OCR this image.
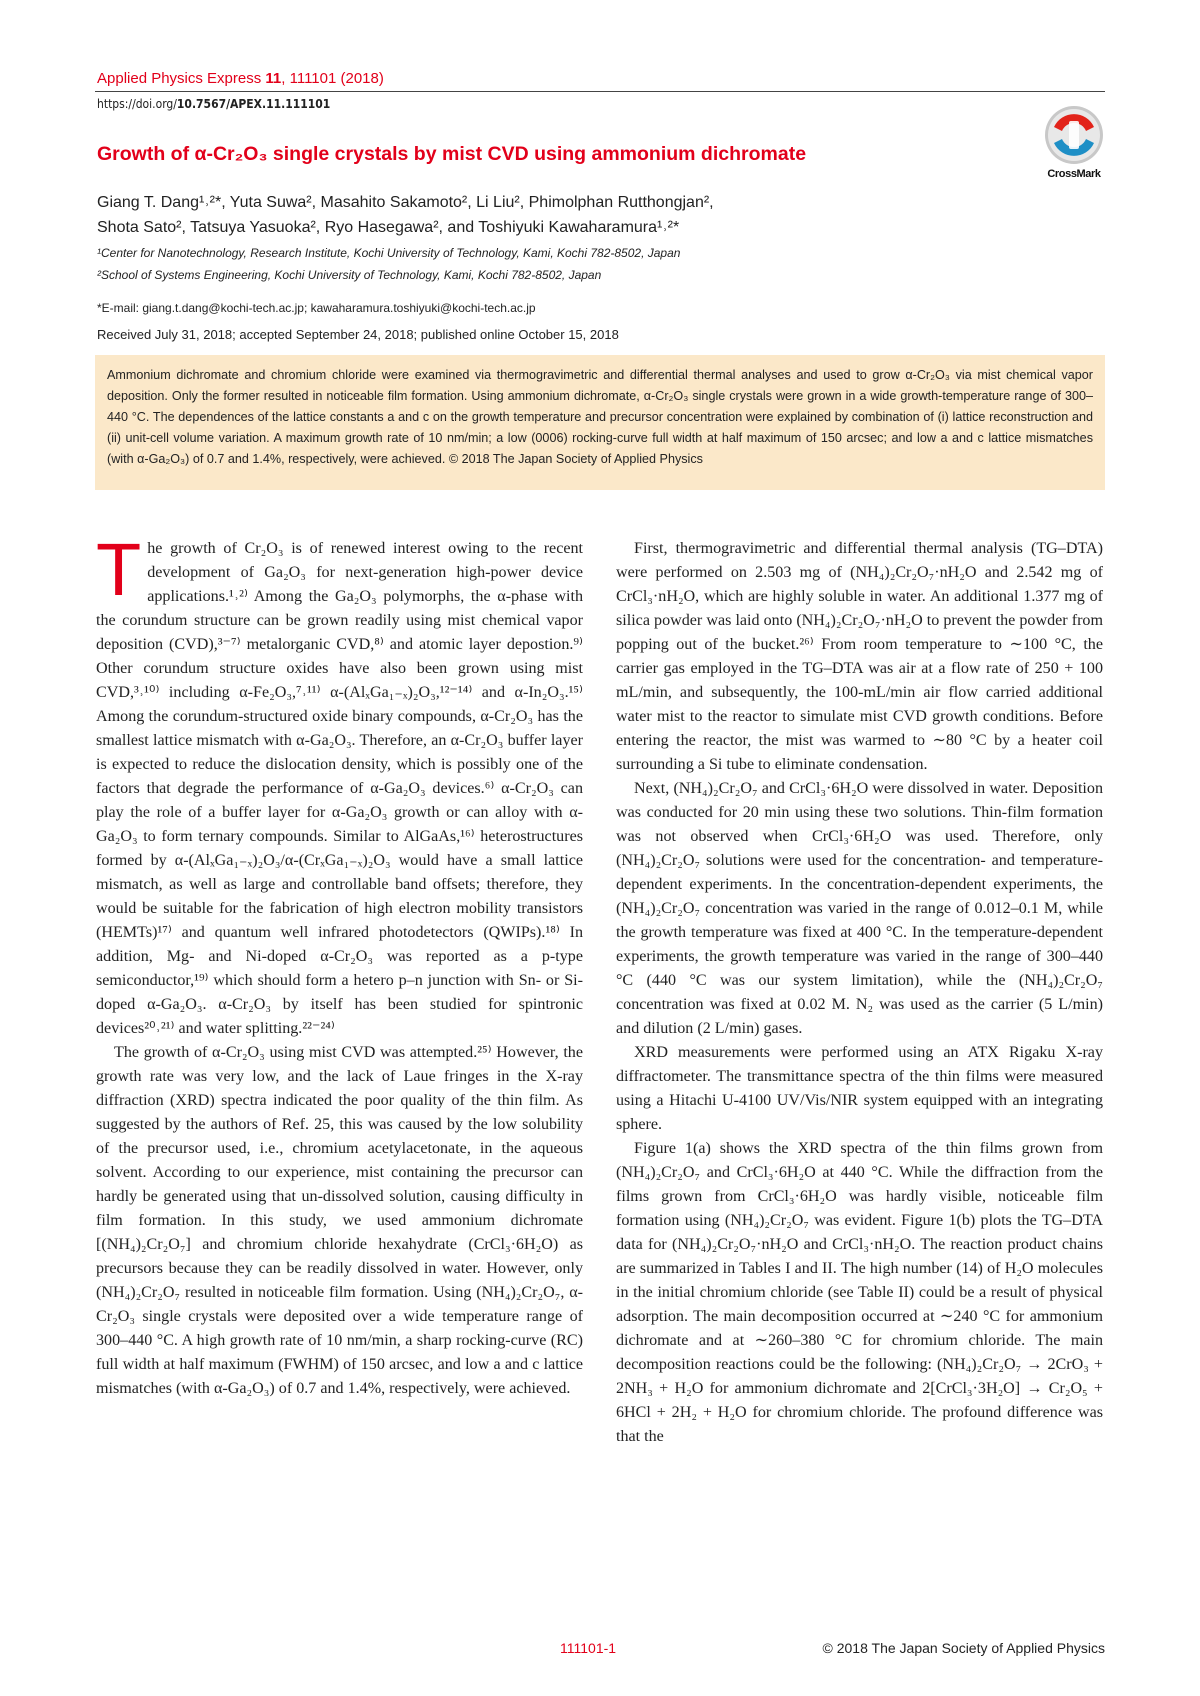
Applied Physics Express 11, 111101 (2018)
https://doi.org/10.7567/APEX.11.111101
CrossMark
Growth of α-Cr₂O₃ single crystals by mist CVD using ammonium dichromate
Giang T. Dang¹˒²*, Yuta Suwa², Masahito Sakamoto², Li Liu², Phimolphan Rutthongjan²,
Shota Sato², Tatsuya Yasuoka², Ryo Hasegawa², and Toshiyuki Kawaharamura¹˒²*
¹Center for Nanotechnology, Research Institute, Kochi University of Technology, Kami, Kochi 782-8502, Japan
²School of Systems Engineering, Kochi University of Technology, Kami, Kochi 782-8502, Japan
*E-mail: giang.t.dang@kochi-tech.ac.jp; kawaharamura.toshiyuki@kochi-tech.ac.jp
Received July 31, 2018; accepted September 24, 2018; published online October 15, 2018
Ammonium dichromate and chromium chloride were examined via thermogravimetric and differential thermal analyses and used to grow α-Cr₂O₃ via mist chemical vapor deposition. Only the former resulted in noticeable film formation. Using ammonium dichromate, α-Cr₂O₃ single crystals were grown in a wide growth-temperature range of 300–440 °C. The dependences of the lattice constants a and c on the growth temperature and precursor concentration were explained by combination of (i) lattice reconstruction and (ii) unit-cell volume variation. A maximum growth rate of 10 nm/min; a low (0006) rocking-curve full width at half maximum of 150 arcsec; and low a and c lattice mismatches (with α-Ga₂O₃) of 0.7 and 1.4%, respectively, were achieved. © 2018 The Japan Society of Applied Physics

The growth of Cr₂O₃ is of renewed interest owing to the recent development of Ga₂O₃ for next-generation high-power device applications.¹˒²⁾ Among the Ga₂O₃ polymorphs, the α-phase with the corundum structure can be grown readily using mist chemical vapor deposition (CVD),³⁻⁷⁾ metalorganic CVD,⁸⁾ and atomic layer depostion.⁹⁾ Other corundum structure oxides have also been grown using mist CVD,³˒¹⁰⁾ including α-Fe₂O₃,⁷˒¹¹⁾ α-(AlₓGa₁₋ₓ)₂O₃,¹²⁻¹⁴⁾ and α-In₂O₃.¹⁵⁾ Among the corundum-structured oxide binary compounds, α-Cr₂O₃ has the smallest lattice mismatch with α-Ga₂O₃. Therefore, an α-Cr₂O₃ buffer layer is expected to reduce the dislocation density, which is possibly one of the factors that degrade the performance of α-Ga₂O₃ devices.⁶⁾ α-Cr₂O₃ can play the role of a buffer layer for α-Ga₂O₃ growth or can alloy with α-Ga₂O₃ to form ternary compounds. Similar to AlGaAs,¹⁶⁾ heterostructures formed by α-(AlₓGa₁₋ₓ)₂O₃/α-(CrₓGa₁₋ₓ)₂O₃ would have a small lattice mismatch, as well as large and controllable band offsets; therefore, they would be suitable for the fabrication of high electron mobility transistors (HEMTs)¹⁷⁾ and quantum well infrared photodetectors (QWIPs).¹⁸⁾ In addition, Mg- and Ni-doped α-Cr₂O₃ was reported as a p-type semiconductor,¹⁹⁾ which should form a hetero p–n junction with Sn- or Si-doped α-Ga₂O₃. α-Cr₂O₃ by itself has been studied for spintronic devices²⁰˒²¹⁾ and water splitting.²²⁻²⁴⁾

The growth of α-Cr₂O₃ using mist CVD was attempted.²⁵⁾ However, the growth rate was very low, and the lack of Laue fringes in the X-ray diffraction (XRD) spectra indicated the poor quality of the thin film. As suggested by the authors of Ref. 25, this was caused by the low solubility of the precursor used, i.e., chromium acetylacetonate, in the aqueous solvent. According to our experience, mist containing the precursor can hardly be generated using that un-dissolved solution, causing difficulty in film formation. In this study, we used ammonium dichromate [(NH₄)₂Cr₂O₇] and chromium chloride hexahydrate (CrCl₃·6H₂O) as precursors because they can be readily dissolved in water. However, only (NH₄)₂Cr₂O₇ resulted in noticeable film formation. Using (NH₄)₂Cr₂O₇, α-Cr₂O₃ single crystals were deposited over a wide temperature range of 300–440 °C. A high growth rate of 10 nm/min, a sharp rocking-curve (RC) full width at half maximum (FWHM) of 150 arcsec, and low a and c lattice mismatches (with α-Ga₂O₃) of 0.7 and 1.4%, respectively, were achieved.

First, thermogravimetric and differential thermal analysis (TG–DTA) were performed on 2.503 mg of (NH₄)₂Cr₂O₇·nH₂O and 2.542 mg of CrCl₃·nH₂O, which are highly soluble in water. An additional 1.377 mg of silica powder was laid onto (NH₄)₂Cr₂O₇·nH₂O to prevent the powder from popping out of the bucket.²⁶⁾ From room temperature to ∼100 °C, the carrier gas employed in the TG–DTA was air at a flow rate of 250 + 100 mL/min, and subsequently, the 100-mL/min air flow carried additional water mist to the reactor to simulate mist CVD growth conditions. Before entering the reactor, the mist was warmed to ∼80 °C by a heater coil surrounding a Si tube to eliminate condensation.

Next, (NH₄)₂Cr₂O₇ and CrCl₃·6H₂O were dissolved in water. Deposition was conducted for 20 min using these two solutions. Thin-film formation was not observed when CrCl₃·6H₂O was used. Therefore, only (NH₄)₂Cr₂O₇ solutions were used for the concentration- and temperature-dependent experiments. In the concentration-dependent experiments, the (NH₄)₂Cr₂O₇ concentration was varied in the range of 0.012–0.1 M, while the growth temperature was fixed at 400 °C. In the temperature-dependent experiments, the growth temperature was varied in the range of 300–440 °C (440 °C was our system limitation), while the (NH₄)₂Cr₂O₇ concentration was fixed at 0.02 M. N₂ was used as the carrier (5 L/min) and dilution (2 L/min) gases.

XRD measurements were performed using an ATX Rigaku X-ray diffractometer. The transmittance spectra of the thin films were measured using a Hitachi U-4100 UV/Vis/NIR system equipped with an integrating sphere.

Figure 1(a) shows the XRD spectra of the thin films grown from (NH₄)₂Cr₂O₇ and CrCl₃·6H₂O at 440 °C. While the diffraction from the films grown from CrCl₃·6H₂O was hardly visible, noticeable film formation using (NH₄)₂Cr₂O₇ was evident. Figure 1(b) plots the TG–DTA data for (NH₄)₂Cr₂O₇·nH₂O and CrCl₃·nH₂O. The reaction product chains are summarized in Tables I and II. The high number (14) of H₂O molecules in the initial chromium chloride (see Table II) could be a result of physical adsorption. The main decomposition occurred at ∼240 °C for ammonium dichromate and at ∼260–380 °C for chromium chloride. The main decomposition reactions could be the following: (NH₄)₂Cr₂O₇ → 2CrO₃ + 2NH₃ + H₂O for ammonium dichromate and 2[CrCl₃·3H₂O] → Cr₂O₅ + 6HCl + 2H₂ + H₂O for chromium chloride. The profound difference was that the

111101-1	© 2018 The Japan Society of Applied Physics
